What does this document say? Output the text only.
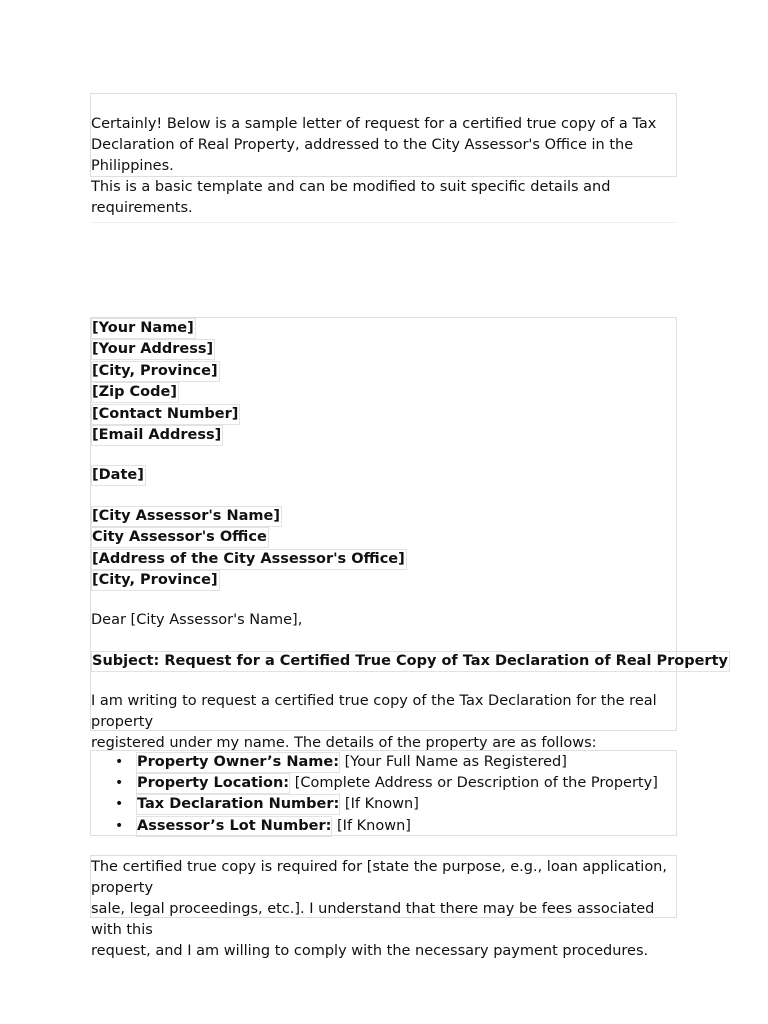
Certainly! Below is a sample letter of request for a certified true copy of a Tax

Declaration of Real Property, addressed to the City Assessor's Office in the Philippines.

This is a basic template and can be modified to suit specific details and requirements.

[Your Name]
[Your Address]
[City, Province]
[Zip Code]
[Contact Number]
[Email Address]
[Date]
[City Assessor's Name]
City Assessor's Office
[Address of the City Assessor's Office]
[City, Province]
Dear [City Assessor's Name],
Subject: Request for a Certified True Copy of Tax Declaration of Real Property

I am writing to request a certified true copy of the Tax Declaration for the real property

registered under my name. The details of the property are as follows:

• Property Owner’s Name: [Your Full Name as Registered]
• Property Location: [Complete Address or Description of the Property]
• Tax Declaration Number: [If Known]
• Assessor’s Lot Number: [If Known]

The certified true copy is required for [state the purpose, e.g., loan application, property

sale, legal proceedings, etc.]. I understand that there may be fees associated with this

request, and I am willing to comply with the necessary payment procedures.
